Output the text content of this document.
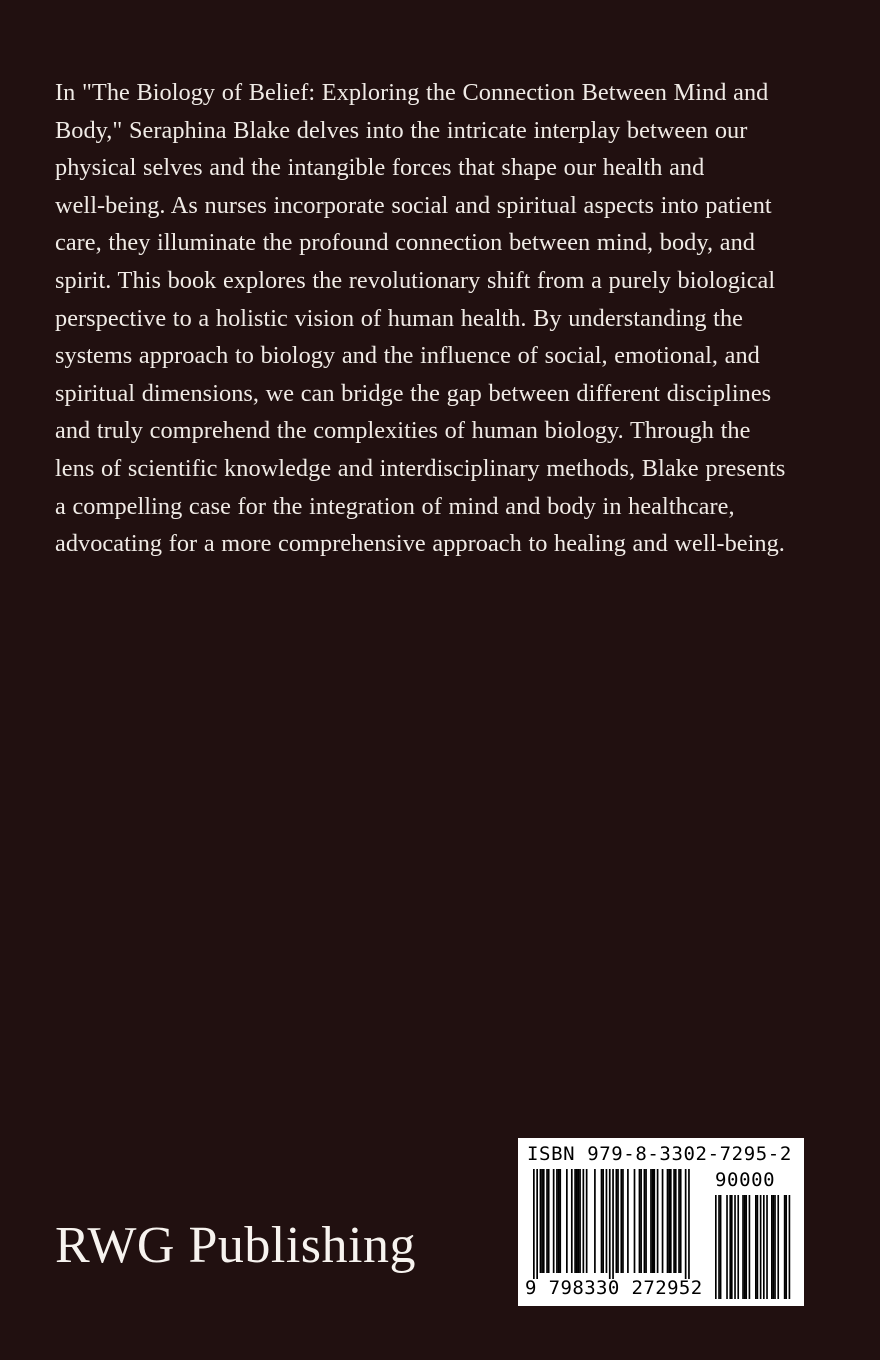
In "The Biology of Belief: Exploring the Connection Between Mind and
Body," Seraphina Blake delves into the intricate interplay between our
physical selves and the intangible forces that shape our health and
well-being. As nurses incorporate social and spiritual aspects into patient
care, they illuminate the profound connection between mind, body, and
spirit. This book explores the revolutionary shift from a purely biological
perspective to a holistic vision of human health. By understanding the
systems approach to biology and the influence of social, emotional, and
spiritual dimensions, we can bridge the gap between different disciplines
and truly comprehend the complexities of human biology. Through the
lens of scientific knowledge and interdisciplinary methods, Blake presents
a compelling case for the integration of mind and body in healthcare,
advocating for a more comprehensive approach to healing and well-being.

RWG Publishing

ISBN 979-8-3302-7295-2

90000

9 798330 272952
